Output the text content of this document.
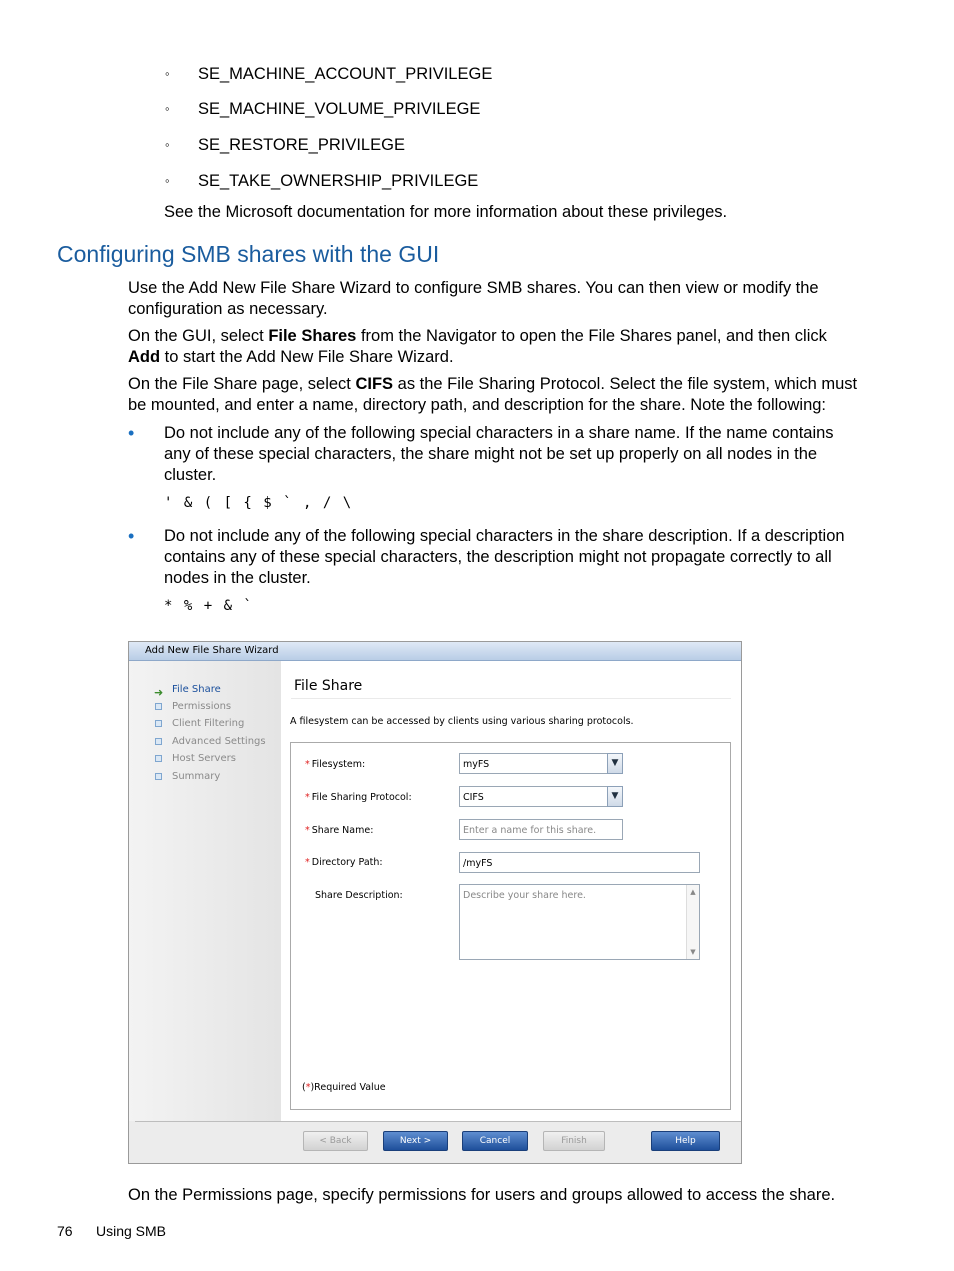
◦ SE_MACHINE_ACCOUNT_PRIVILEGE
◦ SE_MACHINE_VOLUME_PRIVILEGE
◦ SE_RESTORE_PRIVILEGE
◦ SE_TAKE_OWNERSHIP_PRIVILEGE
See the Microsoft documentation for more information about these privileges.
Configuring SMB shares with the GUI
Use the Add New File Share Wizard to configure SMB shares. You can then view or modify the
configuration as necessary.
On the GUI, select File Shares from the Navigator to open the File Shares panel, and then click
Add to start the Add New File Share Wizard.
On the File Share page, select CIFS as the File Sharing Protocol. Select the file system, which must
be mounted, and enter a name, directory path, and description for the share. Note the following:
• Do not include any of the following special characters in a share name. If the name contains
any of these special characters, the share might not be set up properly on all nodes in the
cluster.
' & ( [ { $ ` , / \
• Do not include any of the following special characters in the share description. If a description
contains any of these special characters, the description might not propagate correctly to all
nodes in the cluster.
* % + & `
Add New File Share Wizard
➜ File Share
Permissions
Client Filtering
Advanced Settings
Host Servers
Summary
File Share
A filesystem can be accessed by clients using various sharing protocols.
* Filesystem:	myFS	▼
* File Sharing Protocol:	CIFS	▼
* Share Name:	Enter a name for this share.
* Directory Path:	/myFS
Share Description:	Describe your share here.	▲
▼
(*)Required Value
< Back	Next >	Cancel	Finish	Help
On the Permissions page, specify permissions for users and groups allowed to access the share.
76 Using SMB
